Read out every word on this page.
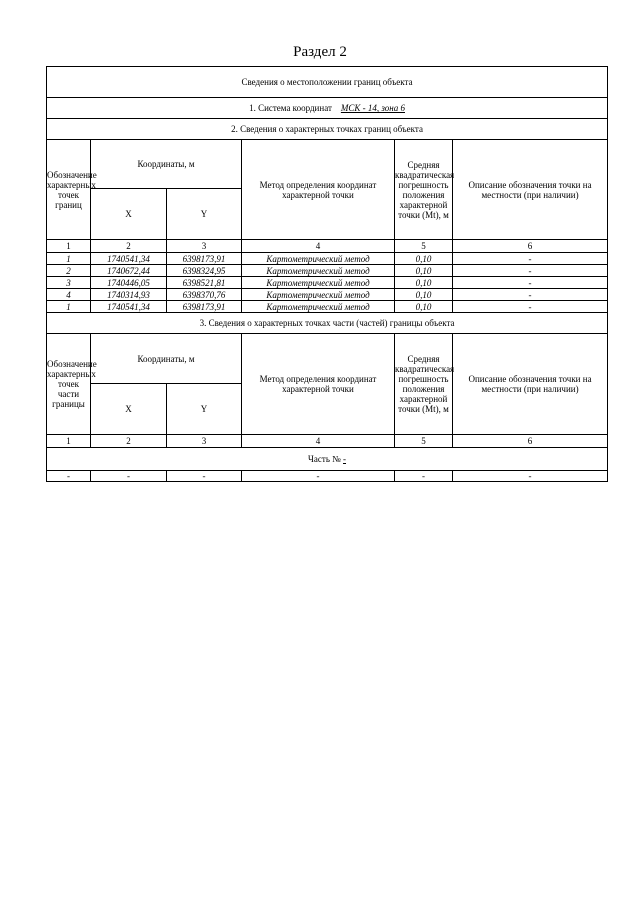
Раздел 2
Сведения о местоположении границ объекта					
1. Система координат МСК - 14, зона 6					
2. Сведения о характерных точках границ объекта					
Обозначение характерных точек границ	Координаты, м		Метод определения координат характерной точки	Средняя квадратическая погрешность положения характерной точки (Mt), м	Описание обозначения точки на местности (при наличии)
	X	Y			
1	2	3	4	5	6
1	1740541,34	6398173,91	Картометрический метод	0,10	-
2	1740672,44	6398324,95	Картометрический метод	0,10	-
3	1740446,05	6398521,81	Картометрический метод	0,10	-
4	1740314,93	6398370,76	Картометрический метод	0,10	-
1	1740541,34	6398173,91	Картометрический метод	0,10	-
3. Сведения о характерных точках части (частей) границы объекта					
Обозначение характерных точек части границы	Координаты, м		Метод определения координат характерной точки	Средняя квадратическая погрешность положения характерной точки (Mt), м	Описание обозначения точки на местности (при наличии)
	X	Y			
1	2	3	4	5	6
Часть № -					
-	-	-	-	-	-
